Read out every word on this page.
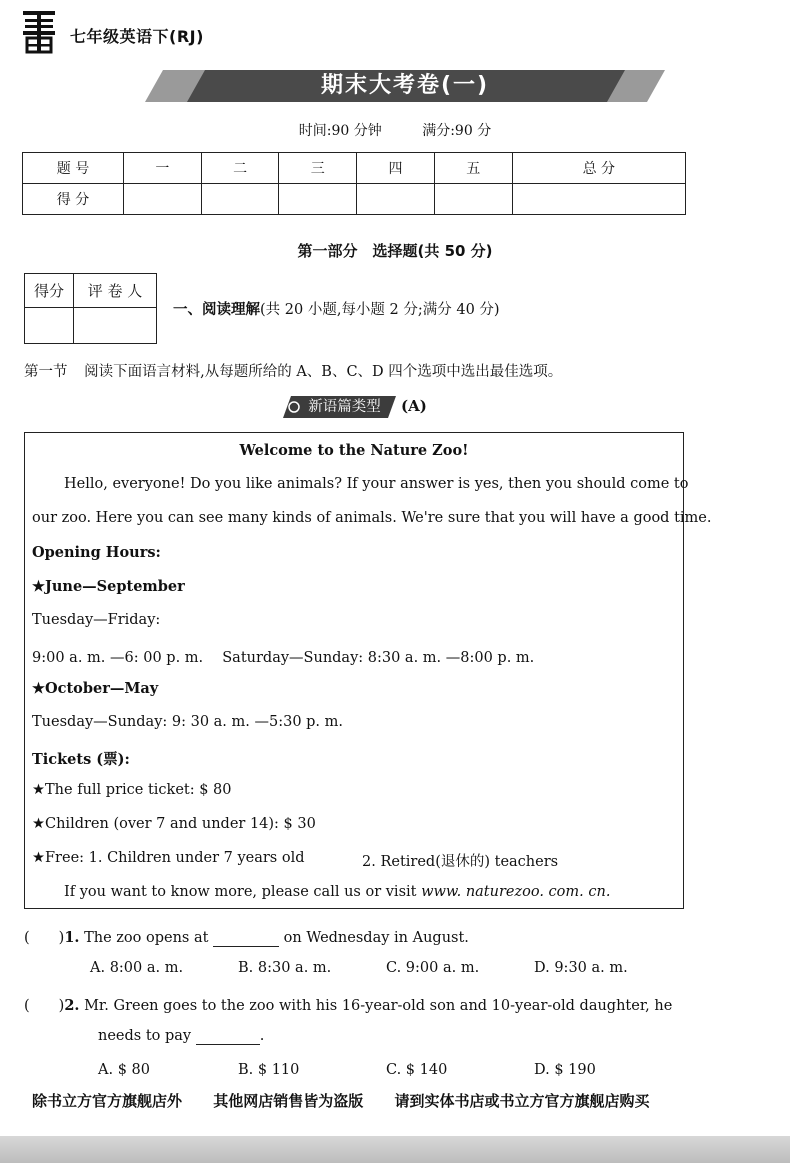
七年级英语下(RJ)
期末大考卷(一)
时间:90 分钟	满分:90 分
题 号	一	二	三	四	五	总 分
得 分						
第一部分　选择题(共 50 分)
得分	评 卷 人

一、阅读理解(共 20 小题,每小题 2 分;满分 40 分)
第一节 阅读下面语言材料,从每题所给的 A、B、C、D 四个选项中选出最佳选项。
新语篇类型	(A)
Welcome to the Nature Zoo!
Hello, everyone! Do you like animals? If your answer is yes, then you should come to
our zoo. Here you can see many kinds of animals. We're sure that you will have a good time.
Opening Hours:
★June—September
Tuesday—Friday:
9:00 a. m. —6: 00 p. m.　 Saturday—Sunday: 8:30 a. m. —8:00 p. m.
★October—May
Tuesday—Sunday: 9: 30 a. m. —5:30 p. m.
Tickets (票):
★The full price ticket: $ 80
★Children (over 7 and under 14): $ 30
★Free: 1. Children under 7 years old	2. Retired(退休的) teachers
If you want to know more, please call us or visit www. naturezoo. com. cn.
(　　)1. The zoo opens at	on Wednesday in August.
A. 8:00 a. m.	B. 8:30 a. m.	C. 9:00 a. m.	D. 9:30 a. m.
(　　)2. Mr. Green goes to the zoo with his 16-year-old son and 10-year-old daughter, he
needs to pay	.
A. $ 80	B. $ 110	C. $ 140	D. $ 190
除书立方官方旗舰店外 其他网店销售皆为盗版 请到实体书店或书立方官方旗舰店购买
